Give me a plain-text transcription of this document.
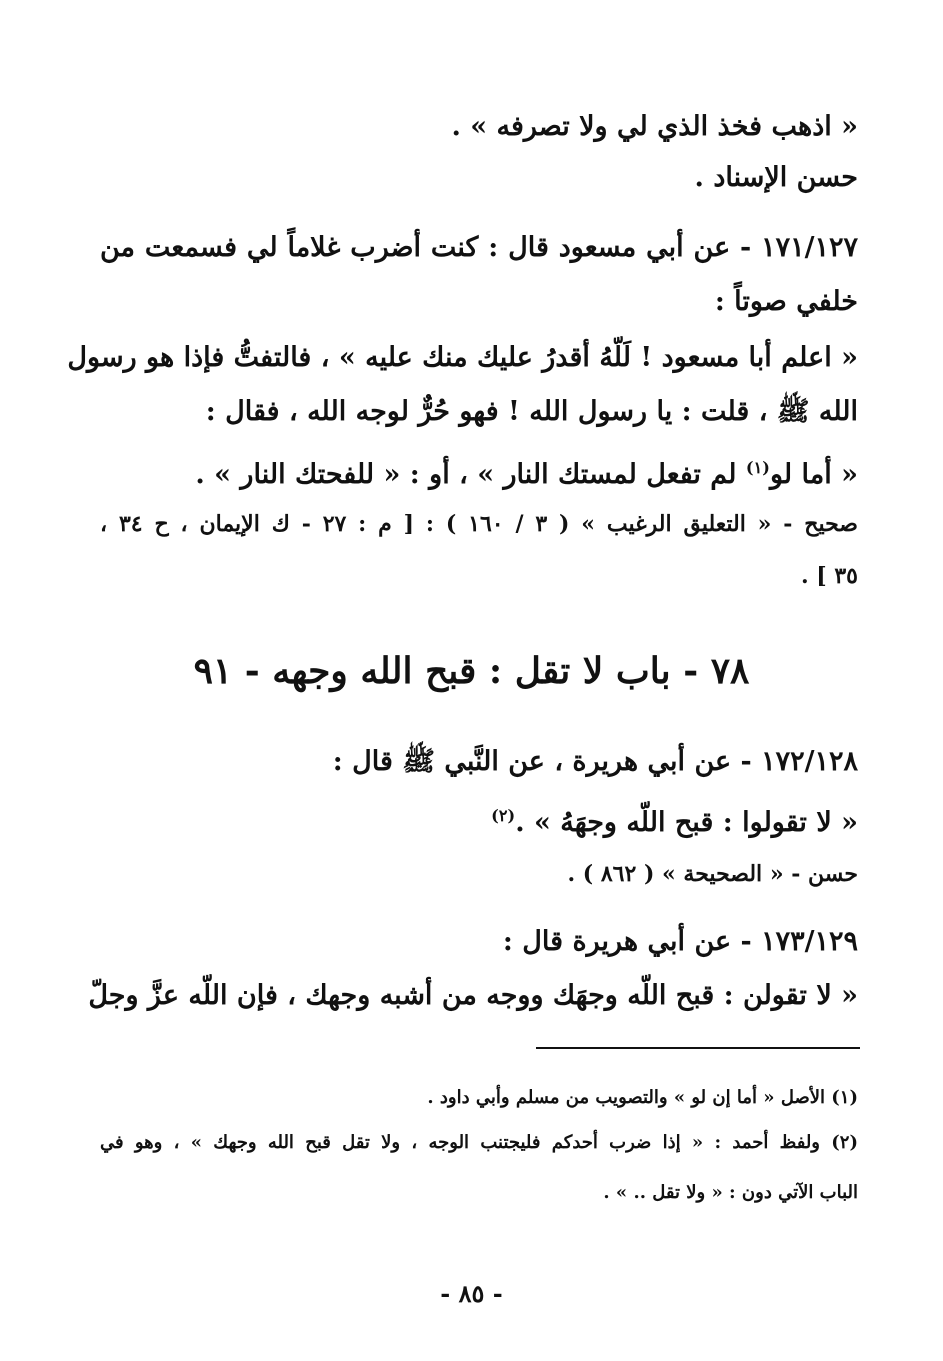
« اذهب فخذ الذي لي ولا تصرفه » .
حسن الإسناد .
١٧١/١٢٧ - عن أبي مسعود قال : كنت أضرب غلاماً لي فسمعت من
خلفي صوتاً :
« اعلم أبا مسعود ! لَلّهُ أقدرُ عليك منك عليه » ، فالتفتُّ فإذا هو رسول
الله ﷺ ، قلت : يا رسول الله ! فهو حُرٌّ لوجه الله ، فقال :
« أما لو$^{(١)}$ لم تفعل لمستك النار » ، أو : « للفحتك النار » .
صحيح - « التعليق الرغيب » ( ٣ / ١٦٠ ) : [ م : ٢٧ - ك الإيمان ، ح ٣٤ ،
٣٥ ] .
٧٨ - باب لا تقل : قبح الله وجهه - ٩١
١٧٢/١٢٨ - عن أبي هريرة ، عن النَّبي ﷺ قال :
« لا تقولوا : قبح اللّه وجهَهُ » .$^{(٢)}$
حسن - « الصحيحة » ( ٨٦٢ ) .
١٧٣/١٢٩ - عن أبي هريرة قال :
« لا تقولن : قبح اللّه وجهَك ووجه من أشبه وجهك ، فإن اللّه عزَّ وجلّ
(١) الأصل « أما إن لو » والتصويب من مسلم وأبي داود .
(٢) ولفظ أحمد : « إذا ضرب أحدكم فليجتنب الوجه ، ولا تقل قبح الله وجهك » ، وهو في
الباب الآتي دون : « ولا تقل .. » .
- ٨٥ -
